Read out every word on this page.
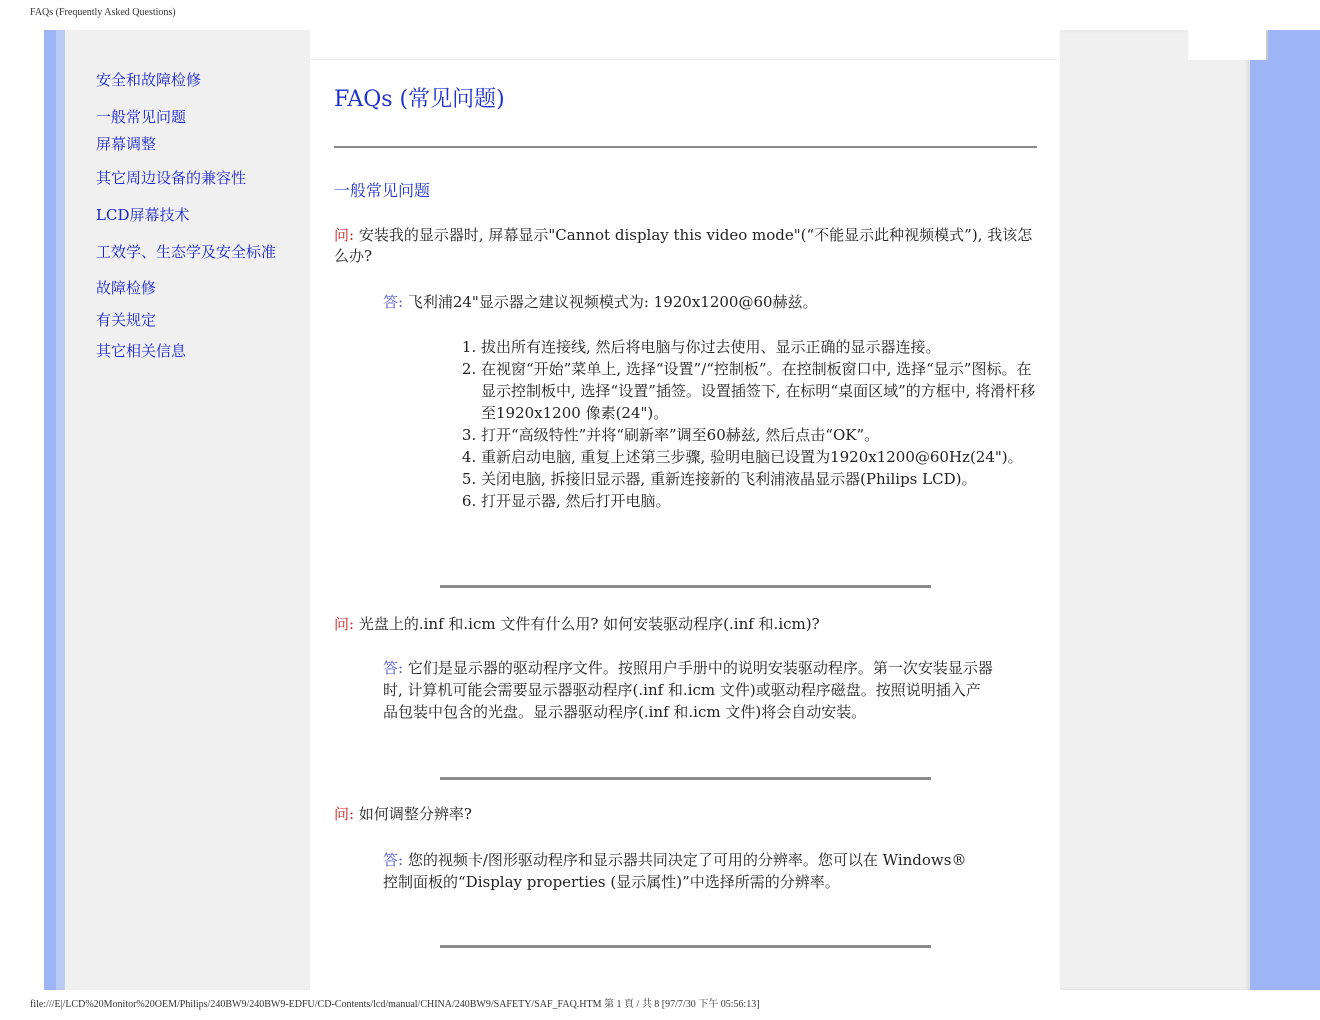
FAQs (Frequently Asked Questions)
安全和故障检修
一般常见问题
屏幕调整
其它周边设备的兼容性
LCD屏幕技术
工效学、生态学及安全标准
故障检修
有关规定
其它相关信息
FAQs (常见问题)
一般常见问题
问: 安装我的显示器时, 屏幕显示"Cannot display this video mode"(“不能显示此种视频模式”), 我该怎么办?
答: 飞利浦24"显示器之建议视频模式为: 1920x1200@60赫兹。
1. 拔出所有连接线, 然后将电脑与你过去使用、显示正确的显示器连接。
2. 在视窗“开始”菜单上, 选择“设置”/“控制板”。在控制板窗口中, 选择“显示”图标。在显示控制板中, 选择“设置”插签。设置插签下, 在标明“桌面区域”的方框中, 将滑杆移至1920x1200 像素(24")。
3. 打开“高级特性”并将“刷新率”调至60赫兹, 然后点击“OK”。
4. 重新启动电脑, 重复上述第三步骤, 验明电脑已设置为1920x1200@60Hz(24")。
5. 关闭电脑, 拆接旧显示器, 重新连接新的飞利浦液晶显示器(Philips LCD)。
6. 打开显示器, 然后打开电脑。
问: 光盘上的.inf 和.icm 文件有什么用? 如何安装驱动程序(.inf 和.icm)?
答: 它们是显示器的驱动程序文件。按照用户手册中的说明安装驱动程序。第一次安装显示器时, 计算机可能会需要显示器驱动程序(.inf 和.icm 文件)或驱动程序磁盘。按照说明插入产品包装中包含的光盘。显示器驱动程序(.inf 和.icm 文件)将会自动安装。
问: 如何调整分辨率?
答: 您的视频卡/图形驱动程序和显示器共同决定了可用的分辨率。您可以在 Windows® 控制面板的“Display properties (显示属性)”中选择所需的分辨率。
file:///E|/LCD%20Monitor%20OEM/Philips/240BW9/240BW9-EDFU/CD-Contents/lcd/manual/CHINA/240BW9/SAFETY/SAF_FAQ.HTM 第 1 頁 / 共 8 [97/7/30 下午 05:56:13]
